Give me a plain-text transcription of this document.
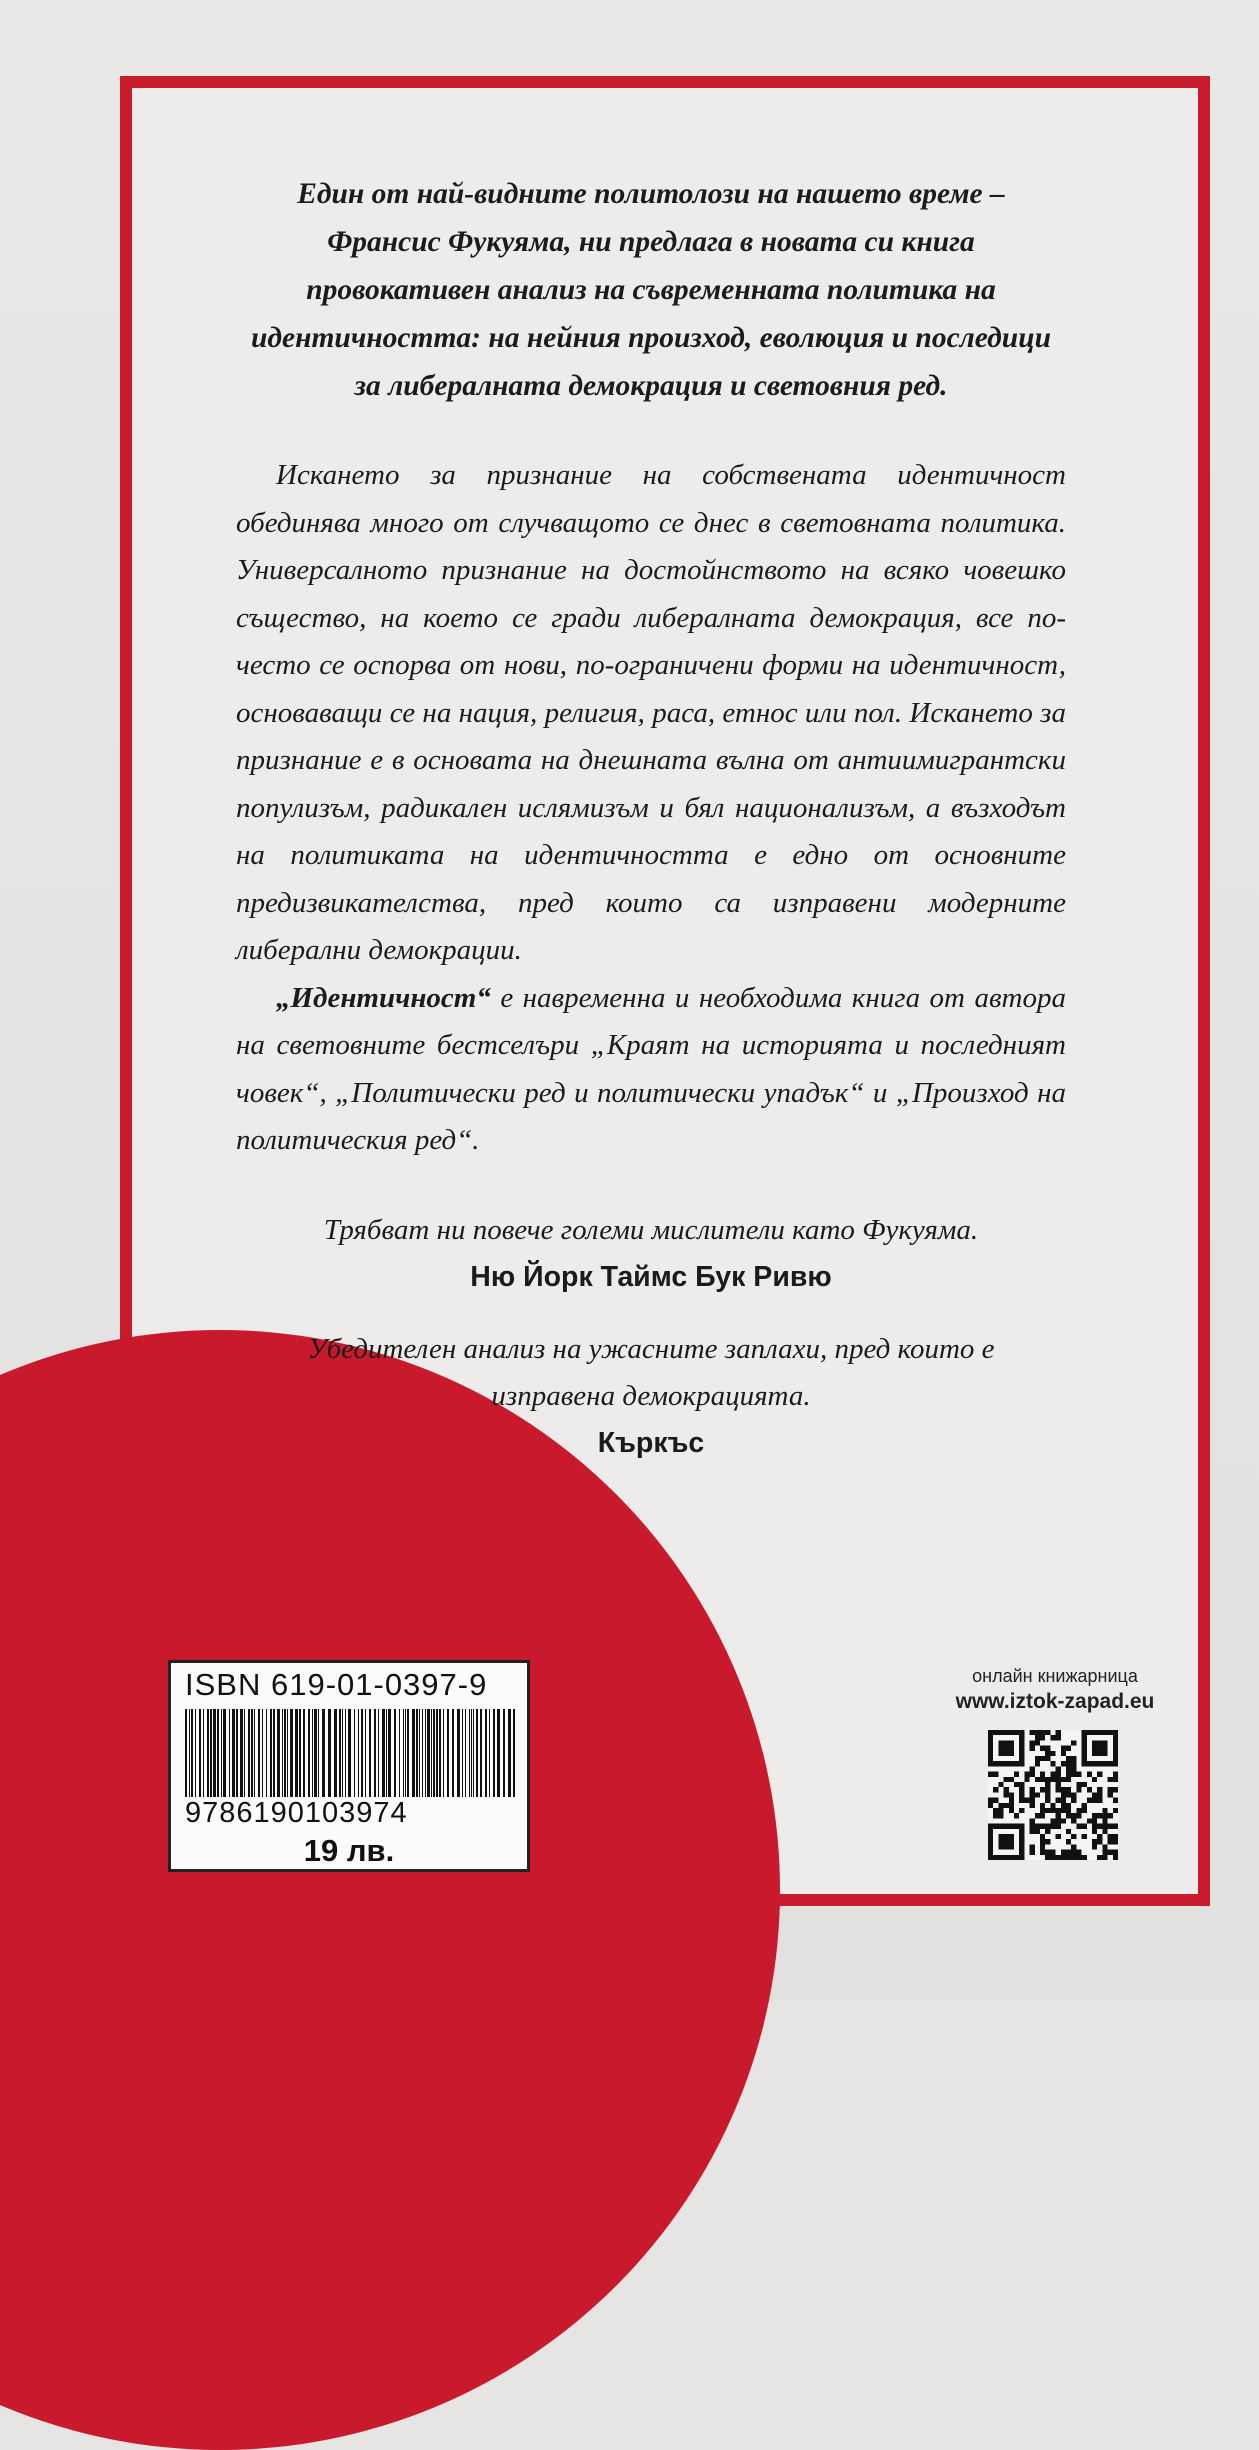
Един от най-видните политолози на нашето време –
Франсис Фукуяма, ни предлага в новата си книга
провокативен анализ на съвременната политика на
идентичността: на нейния произход, еволюция и последици
за либералната демокрация и световния ред.

Искането за признание на собствената идентичност обединява много от случващото се днес в световната политика. Универсалното признание на достойнството на всяко човешко същество, на което се гради либералната демокрация, все по-често се оспорва от нови, по-ограничени форми на идентичност, основаващи се на нация, религия, раса, етнос или пол. Искането за признание е в основата на днешната вълна от антиимигрантски популизъм, радикален ислямизъм и бял национализъм, а възходът на политиката на идентичността е едно от основните предизвикателства, пред които са изправени модерните либерални демокрации.

„Идентичност“ е навременна и необходима книга от автора на световните бестселъри „Краят на историята и последният човек“, „Политически ред и политически упадък“ и „Произход на политическия ред“.

Трябват ни повече големи мислители като Фукуяма.

Ню Йорк Таймс Бук Ривю

Убедителен анализ на ужасните заплахи, пред които е изправена демокрацията.

Къркъс

ISBN 619-01-0397-9
9786190103974
19 лв.
онлайн книжарница
www.iztok-zapad.eu
